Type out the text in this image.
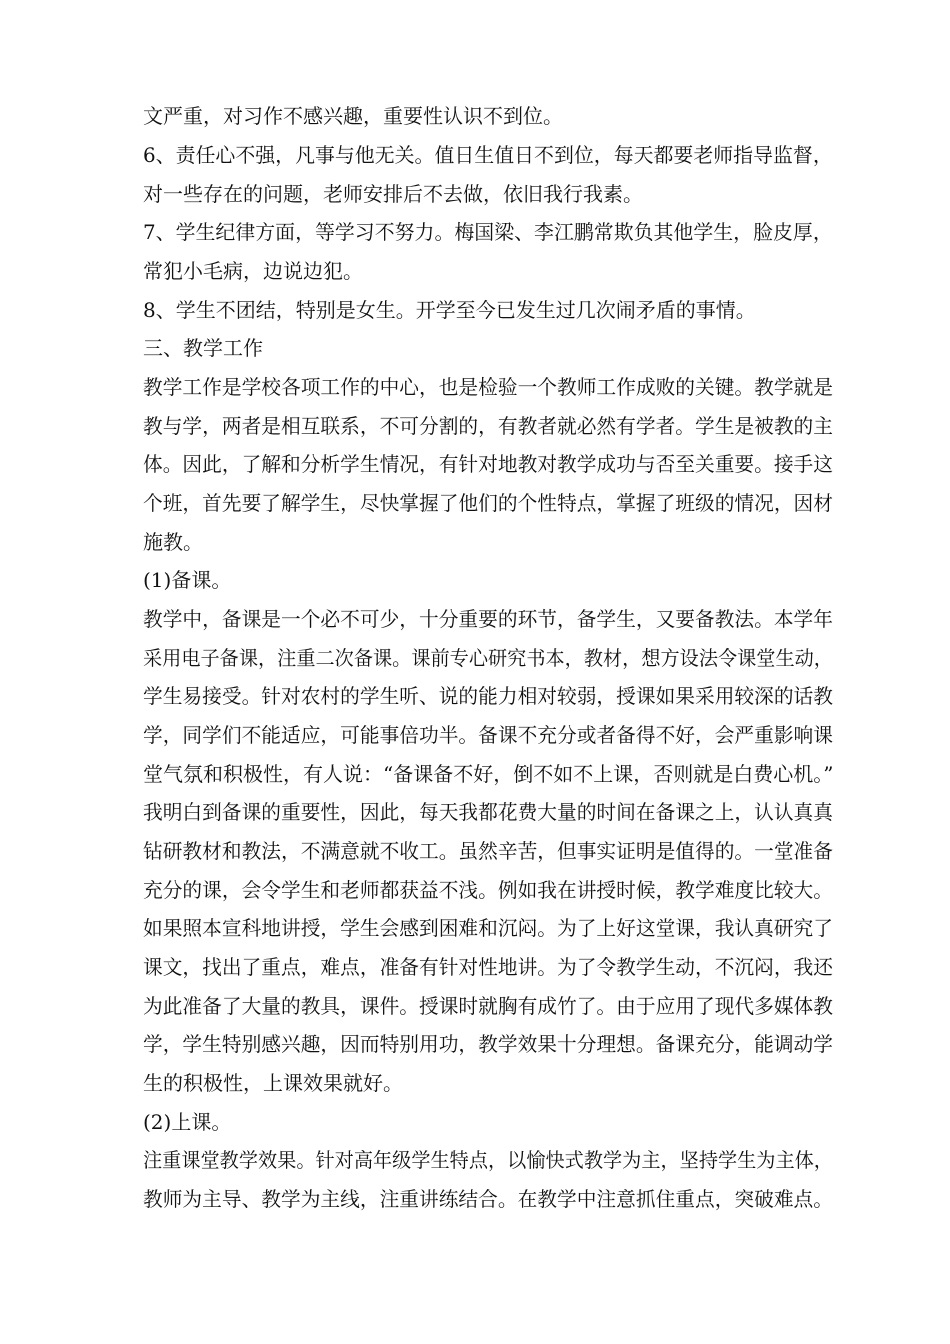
文严重，对习作不感兴趣，重要性认识不到位。
6、责任心不强，凡事与他无关。值日生值日不到位，每天都要老师指导监督，
对一些存在的问题，老师安排后不去做，依旧我行我素。
7、学生纪律方面，等学习不努力。梅国梁、李江鹏常欺负其他学生，脸皮厚，
常犯小毛病，边说边犯。
8、学生不团结，特别是女生。开学至今已发生过几次闹矛盾的事情。
三、教学工作
教学工作是学校各项工作的中心，也是检验一个教师工作成败的关键。教学就是
教与学，两者是相互联系，不可分割的，有教者就必然有学者。学生是被教的主
体。因此，了解和分析学生情况，有针对地教对教学成功与否至关重要。接手这
个班，首先要了解学生，尽快掌握了他们的个性特点，掌握了班级的情况，因材
施教。
(1)备课。
教学中，备课是一个必不可少，十分重要的环节，备学生，又要备教法。本学年
采用电子备课，注重二次备课。课前专心研究书本，教材，想方设法令课堂生动，
学生易接受。针对农村的学生听、说的能力相对较弱，授课如果采用较深的话教
学，同学们不能适应，可能事倍功半。备课不充分或者备得不好，会严重影响课
堂气氛和积极性，有人说：“备课备不好，倒不如不上课，否则就是白费心机。”
我明白到备课的重要性，因此，每天我都花费大量的时间在备课之上，认认真真
钻研教材和教法，不满意就不收工。虽然辛苦，但事实证明是值得的。一堂准备
充分的课，会令学生和老师都获益不浅。例如我在讲授时候，教学难度比较大。
如果照本宣科地讲授，学生会感到困难和沉闷。为了上好这堂课，我认真研究了
课文，找出了重点，难点，准备有针对性地讲。为了令教学生动，不沉闷，我还
为此准备了大量的教具，课件。授课时就胸有成竹了。由于应用了现代多媒体教
学，学生特别感兴趣，因而特别用功，教学效果十分理想。备课充分，能调动学
生的积极性，上课效果就好。
(2)上课。
注重课堂教学效果。针对高年级学生特点，以愉快式教学为主，坚持学生为主体，
教师为主导、教学为主线，注重讲练结合。在教学中注意抓住重点，突破难点。
